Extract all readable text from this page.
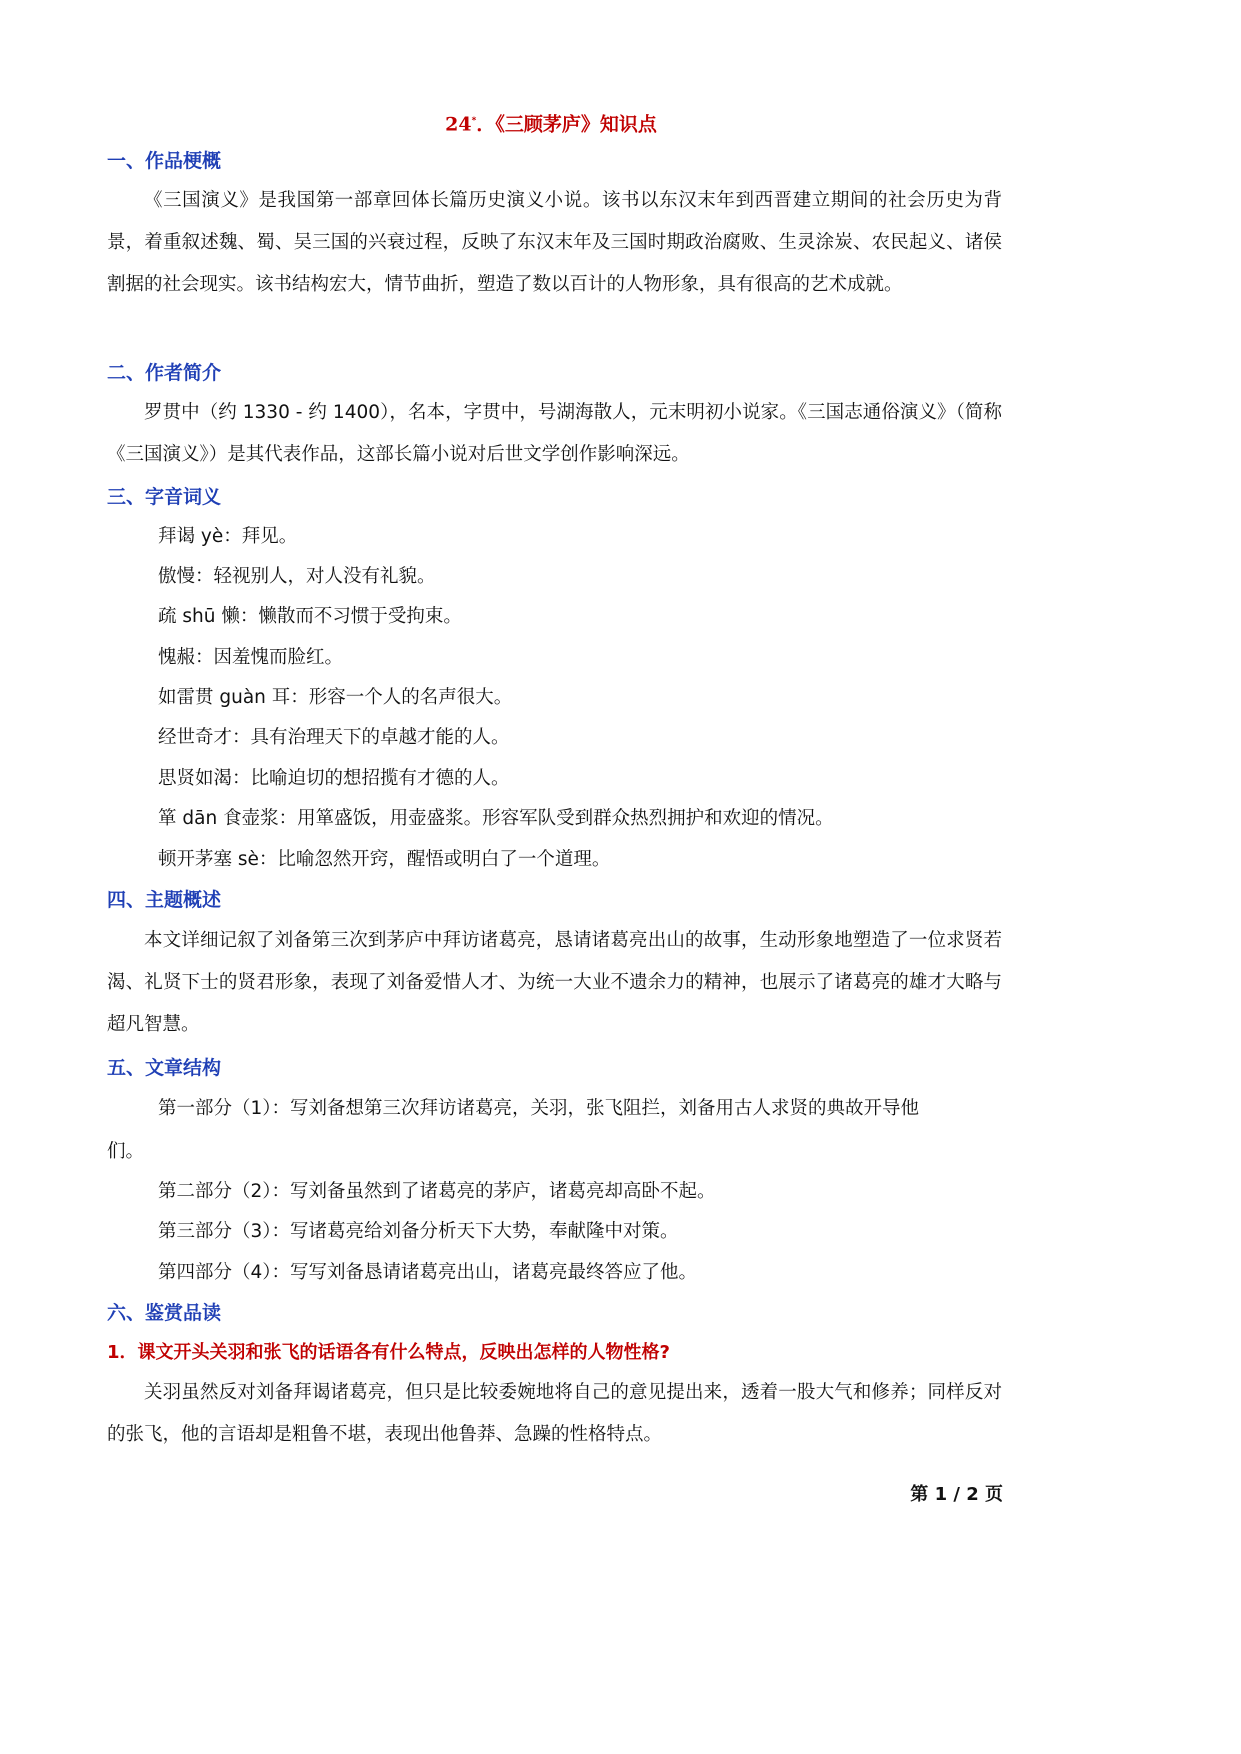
24*．《三顾茅庐》知识点
一、作品梗概
《三国演义》是我国第一部章回体长篇历史演义小说。该书以东汉末年到西晋建立期间的社会历史为背景，着重叙述魏、蜀、吴三国的兴衰过程，反映了东汉末年及三国时期政治腐败、生灵涂炭、农民起义、诸侯割据的社会现实。该书结构宏大，情节曲折，塑造了数以百计的人物形象，具有很高的艺术成就。
二、作者简介
罗贯中（约 1330 - 约 1400），名本，字贯中，号湖海散人，元末明初小说家。《三国志通俗演义》（简称《三国演义》）是其代表作品，这部长篇小说对后世文学创作影响深远。
三、字音词义
拜谒 yè：拜见。
傲慢：轻视别人，对人没有礼貌。
疏 shū 懒：懒散而不习惯于受拘束。
愧赧：因羞愧而脸红。
如雷贯 guàn 耳：形容一个人的名声很大。
经世奇才：具有治理天下的卓越才能的人。
思贤如渴：比喻迫切的想招揽有才德的人。
箪 dān 食壶浆：用箪盛饭，用壶盛浆。形容军队受到群众热烈拥护和欢迎的情况。
顿开茅塞 sè：比喻忽然开窍，醒悟或明白了一个道理。
四、主题概述
本文详细记叙了刘备第三次到茅庐中拜访诸葛亮，恳请诸葛亮出山的故事，生动形象地塑造了一位求贤若渴、礼贤下士的贤君形象，表现了刘备爱惜人才、为统一大业不遗余力的精神，也展示了诸葛亮的雄才大略与超凡智慧。
五、文章结构
第一部分（1）：写刘备想第三次拜访诸葛亮，关羽，张飞阻拦，刘备用古人求贤的典故开导他
们。
第二部分（2）：写刘备虽然到了诸葛亮的茅庐，诸葛亮却高卧不起。
第三部分（3）：写诸葛亮给刘备分析天下大势，奉献隆中对策。
第四部分（4）：写写刘备恳请诸葛亮出山，诸葛亮最终答应了他。
六、鉴赏品读
1．课文开头关羽和张飞的话语各有什么特点，反映出怎样的人物性格?
关羽虽然反对刘备拜谒诸葛亮，但只是比较委婉地将自己的意见提出来，透着一股大气和修养；同样反对的张飞，他的言语却是粗鲁不堪，表现出他鲁莽、急躁的性格特点。
第 1 / 2 页
